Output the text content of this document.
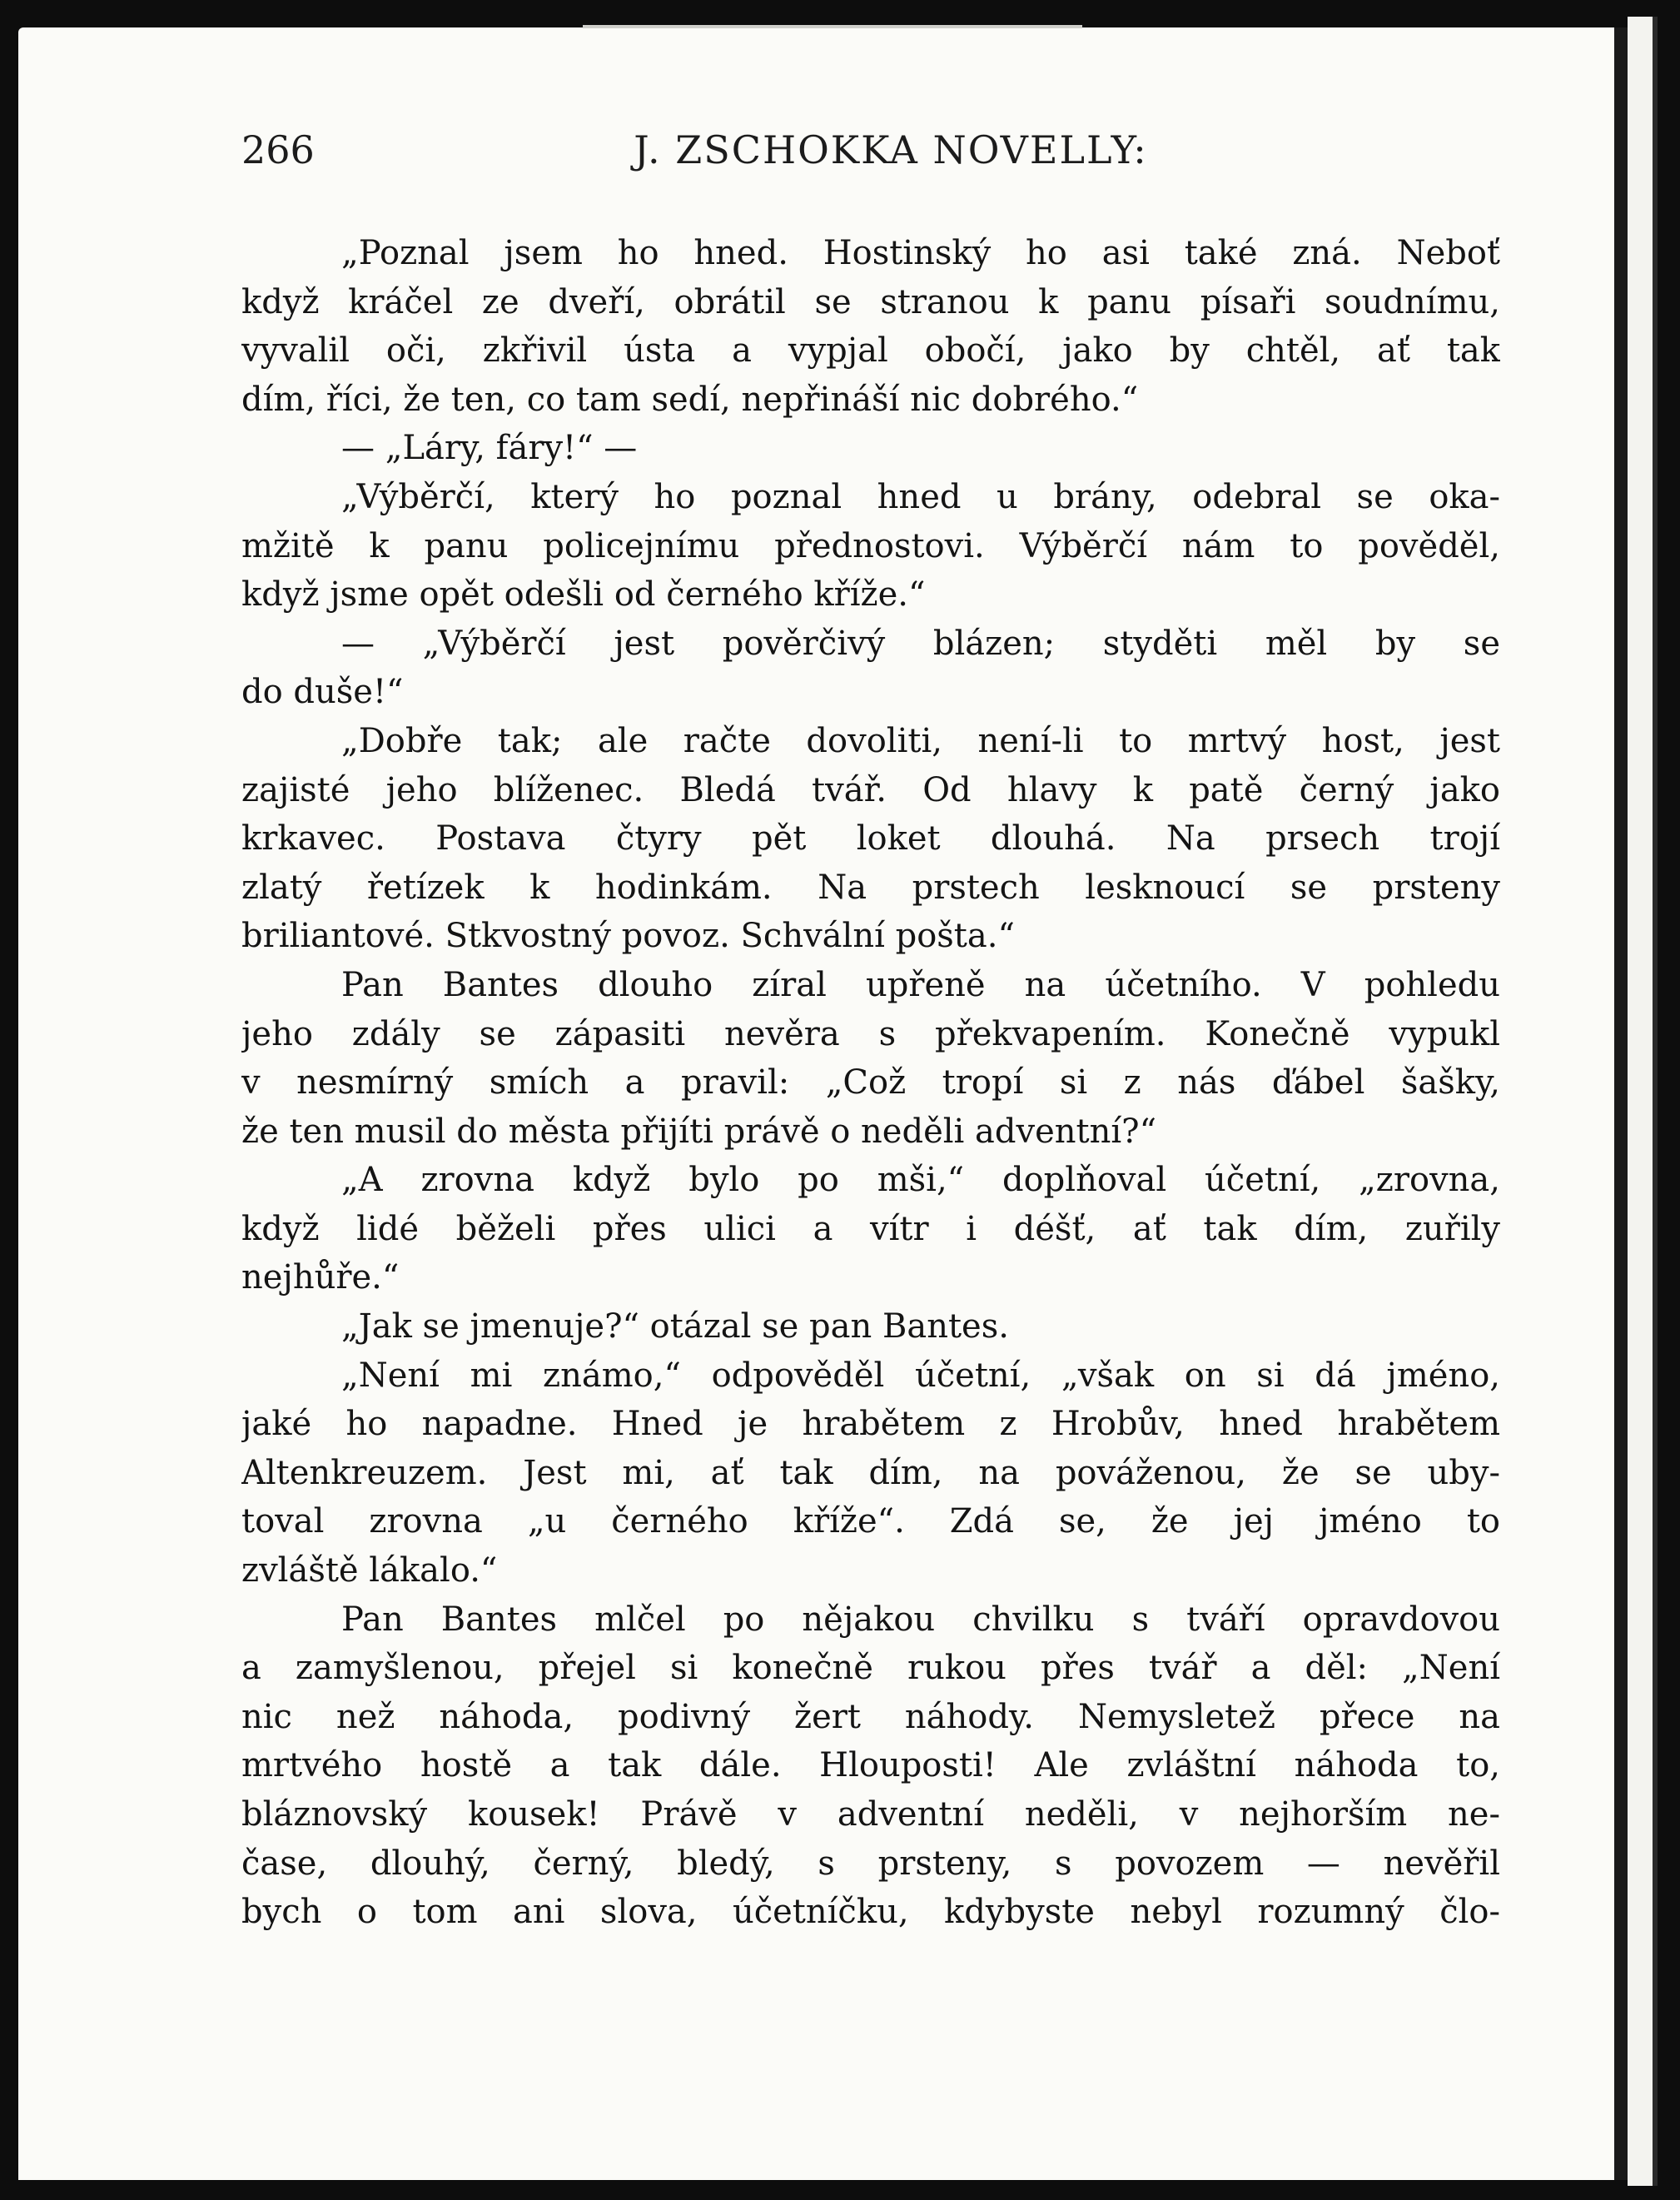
266	J. ZSCHOKKA NOVELLY:
„Poznal jsem ho hned. Hostinský ho asi také zná. Neboť
když kráčel ze dveří, obrátil se stranou k panu písaři soudnímu,
vyvalil oči, zkřivil ústa a vypjal obočí, jako by chtěl, ať tak
dím, říci, že ten, co tam sedí, nepřináší nic dobrého.“
— „Láry, fáry!“ —
„Výběrčí, který ho poznal hned u brány, odebral se oka-
mžitě k panu policejnímu přednostovi. Výběrčí nám to pověděl,
když jsme opět odešli od černého kříže.“
— „Výběrčí jest pověrčivý blázen; styděti měl by se
do duše!“
„Dobře tak; ale račte dovoliti, není-li to mrtvý host, jest
zajisté jeho blíženec. Bledá tvář. Od hlavy k patě černý jako
krkavec. Postava čtyry pět loket dlouhá. Na prsech trojí
zlatý řetízek k hodinkám. Na prstech lesknoucí se prsteny
briliantové. Stkvostný povoz. Schvální pošta.“
Pan Bantes dlouho zíral upřeně na účetního. V pohledu
jeho zdály se zápasiti nevěra s překvapením. Konečně vypukl
v nesmírný smích a pravil: „Což tropí si z nás ďábel šašky,
že ten musil do města přijíti právě o neděli adventní?“
„A zrovna když bylo po mši,“ doplňoval účetní, „zrovna,
když lidé běželi přes ulici a vítr i déšť, ať tak dím, zuřily
nejhůře.“
„Jak se jmenuje?“ otázal se pan Bantes.
„Není mi známo,“ odpověděl účetní, „však on si dá jméno,
jaké ho napadne. Hned je hrabětem z Hrobův, hned hrabětem
Altenkreuzem. Jest mi, ať tak dím, na pováženou, že se uby-
toval zrovna „u černého kříže“. Zdá se, že jej jméno to
zvláště lákalo.“
Pan Bantes mlčel po nějakou chvilku s tváří opravdovou
a zamyšlenou, přejel si konečně rukou přes tvář a děl: „Není
nic než náhoda, podivný žert náhody. Nemysletež přece na
mrtvého hostě a tak dále. Hlouposti! Ale zvláštní náhoda to,
bláznovský kousek! Právě v adventní neděli, v nejhorším ne-
čase, dlouhý, černý, bledý, s prsteny, s povozem — nevěřil
bych o tom ani slova, účetníčku, kdybyste nebyl rozumný člo-
